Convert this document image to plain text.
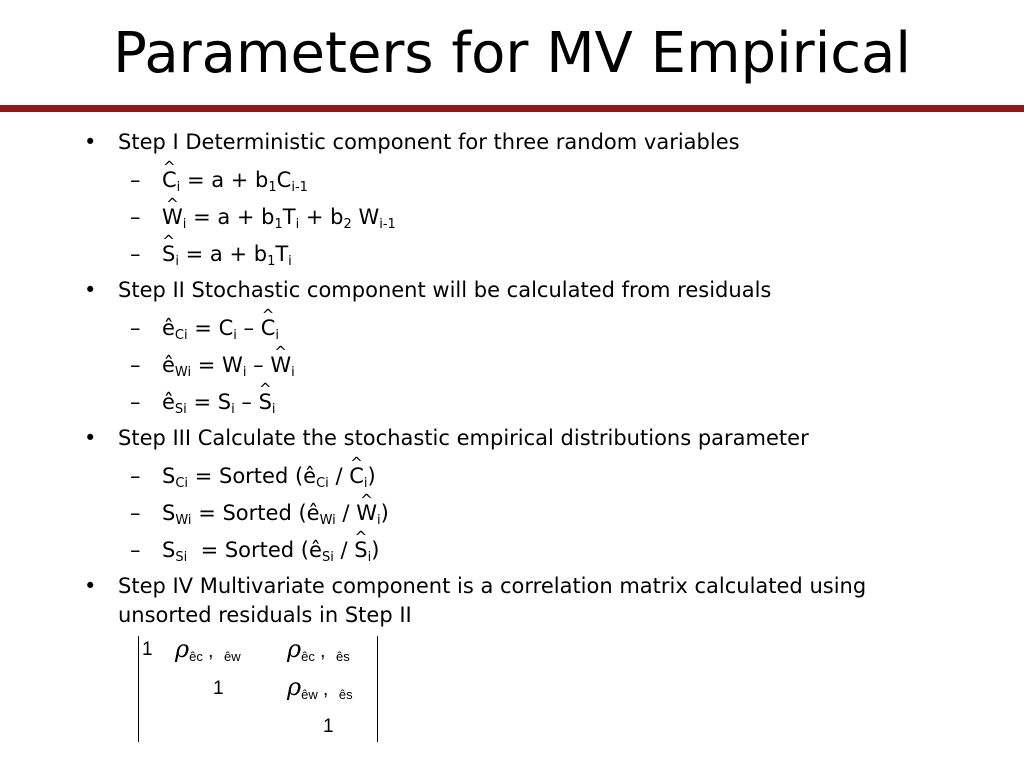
Parameters for MV Empirical
• Step I Deterministic component for three random variables
– ^ $C_i = a + b_1C_{i-1}$
– ^ $W_i = a + b_1T_i + b_2$ $W_{i-1}$
– ^ $S_i = a + b_1T_i$
• Step II Stochastic component will be calculated from residuals
– $ê_{Ci} = C_i$ – ^ $C_i$
– $ê_{Wi} = W_i$ – ^ $W_i$
– $ê_{Si} = S_i$ – ^ $S_i$
• Step III Calculate the stochastic empirical distributions parameter
– $S_{Ci}$ = Sorted ($ê_{Ci}$ / ^ $C_i$)
– $S_{Wi}$ = Sorted ($ê_{Wi}$ / ^ $W_i$)
– $S_{Si}$  = Sorted ($ê_{Si}$ / ^ $S_i$)
• Step IV Multivariate component is a correlation matrix calculated using
unsorted residuals in Step II
1 $\rho_{êc}$ , $_{êw}$ $\rho_{êc}$ , $_{ês}$
1	$\rho_{êw}$ , $_{ês}$
1
